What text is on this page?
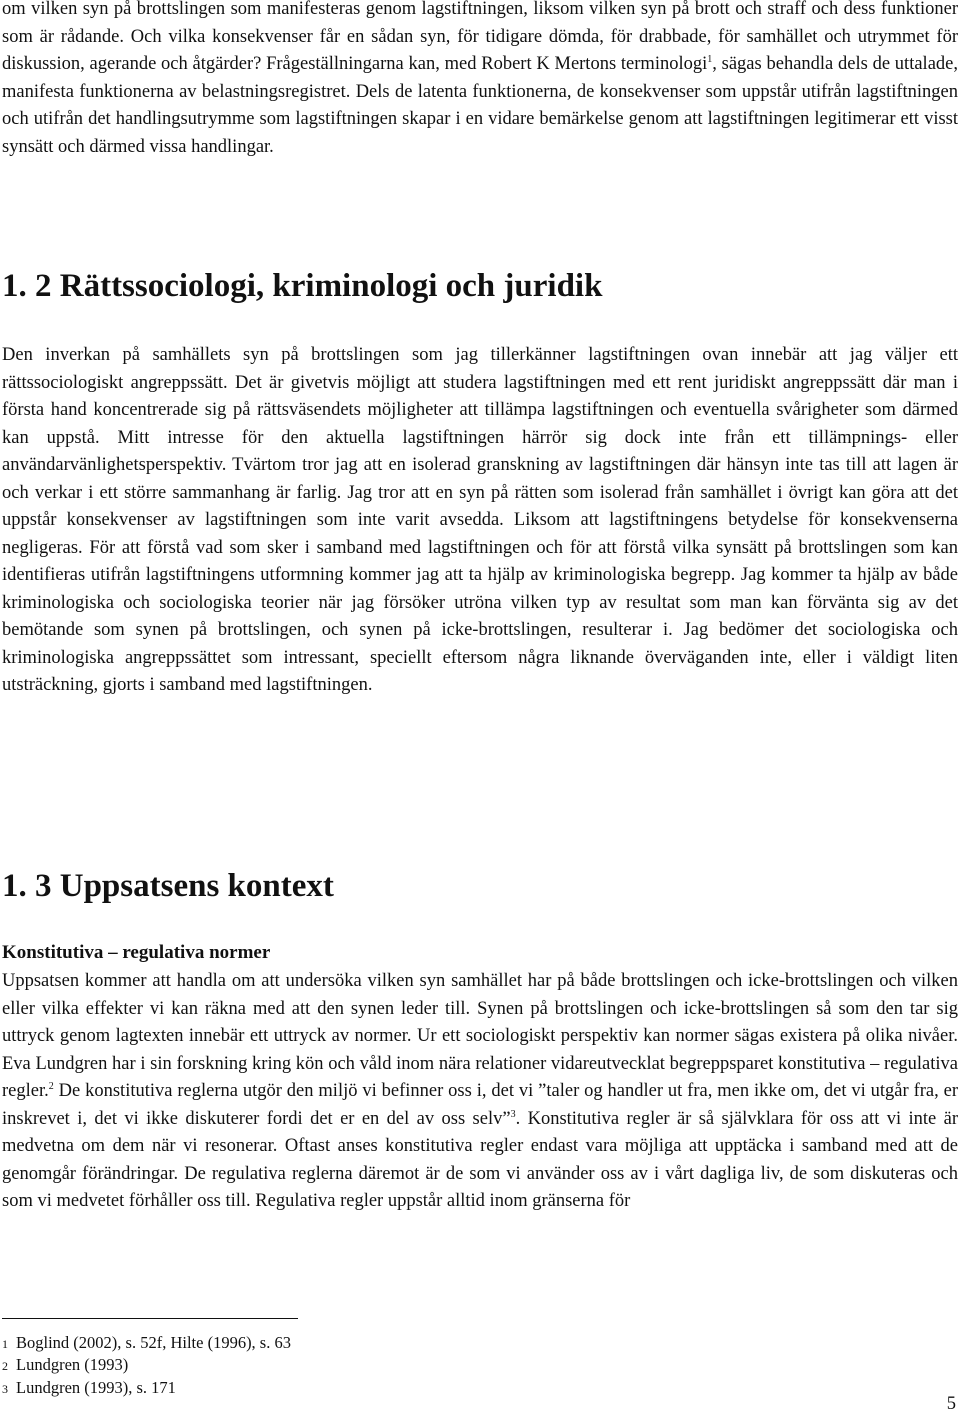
om vilken syn på brottslingen som manifesteras genom lagstiftningen, liksom vilken syn på brott och straff och dess funktioner som är rådande. Och vilka konsekvenser får en sådan syn, för tidigare dömda, för drabbade, för samhället och utrymmet för diskussion, agerande och åtgärder? Frågeställningarna kan, med Robert K Mertons terminologi$^1$, sägas behandla dels de uttalade, manifesta funktionerna av belastningsregistret. Dels de latenta funktionerna, de konsekvenser som uppstår utifrån lagstiftningen och utifrån det handlingsutrymme som lagstiftningen skapar i en vidare bemärkelse genom att lagstiftningen legitimerar ett visst synsätt och därmed vissa handlingar.

1. 2 Rättssociologi, kriminologi och juridik

Den inverkan på samhällets syn på brottslingen som jag tillerkänner lagstiftningen ovan innebär att jag väljer ett rättssociologiskt angreppssätt. Det är givetvis möjligt att studera lagstiftningen med ett rent juridiskt angreppssätt där man i första hand koncentrerade sig på rättsväsendets möjligheter att tillämpa lagstiftningen och eventuella svårigheter som därmed kan uppstå. Mitt intresse för den aktuella lagstiftningen härrör sig dock inte från ett tillämpnings- eller användarvänlighetsperspektiv. Tvärtom tror jag att en isolerad granskning av lagstiftningen där hänsyn inte tas till att lagen är och verkar i ett större sammanhang är farlig. Jag tror att en syn på rätten som isolerad från samhället i övrigt kan göra att det uppstår konsekvenser av lagstiftningen som inte varit avsedda. Liksom att lagstiftningens betydelse för konsekvenserna negligeras. För att förstå vad som sker i samband med lagstiftningen och för att förstå vilka synsätt på brottslingen som kan identifieras utifrån lagstiftningens utformning kommer jag att ta hjälp av kriminologiska begrepp. Jag kommer ta hjälp av både kriminologiska och sociologiska teorier när jag försöker utröna vilken typ av resultat som man kan förvänta sig av det bemötande som synen på brottslingen, och synen på icke-brottslingen, resulterar i. Jag bedömer det sociologiska och kriminologiska angreppssättet som intressant, speciellt eftersom några liknande överväganden inte, eller i väldigt liten utsträckning, gjorts i samband med lagstiftningen.

1. 3 Uppsatsens kontext
Konstitutiva – regulativa normer

Uppsatsen kommer att handla om att undersöka vilken syn samhället har på både brottslingen och icke-brottslingen och vilken eller vilka effekter vi kan räkna med att den synen leder till. Synen på brottslingen och icke-brottslingen så som den tar sig uttryck genom lagtexten innebär ett uttryck av normer. Ur ett sociologiskt perspektiv kan normer sägas existera på olika nivåer. Eva Lundgren har i sin forskning kring kön och våld inom nära relationer vidareutvecklat begreppsparet konstitutiva – regulativa regler.$^2$ De konstitutiva reglerna utgör den miljö vi befinner oss i, det vi ”taler og handler ut fra, men ikke om, det vi utgår fra, er inskrevet i, det vi ikke diskuterer fordi det er en del av oss selv”$^3$. Konstitutiva regler är så självklara för oss att vi inte är medvetna om dem när vi resonerar. Oftast anses konstitutiva regler endast vara möjliga att upptäcka i samband med att de genomgår förändringar. De regulativa reglerna däremot är de som vi använder oss av i vårt dagliga liv, de som diskuteras och som vi medvetet förhåller oss till. Regulativa regler uppstår alltid inom gränserna för

1 Boglind (2002), s. 52f, Hilte (1996), s. 63

2 Lundgren (1993)

3 Lundgren (1993), s. 171

5
